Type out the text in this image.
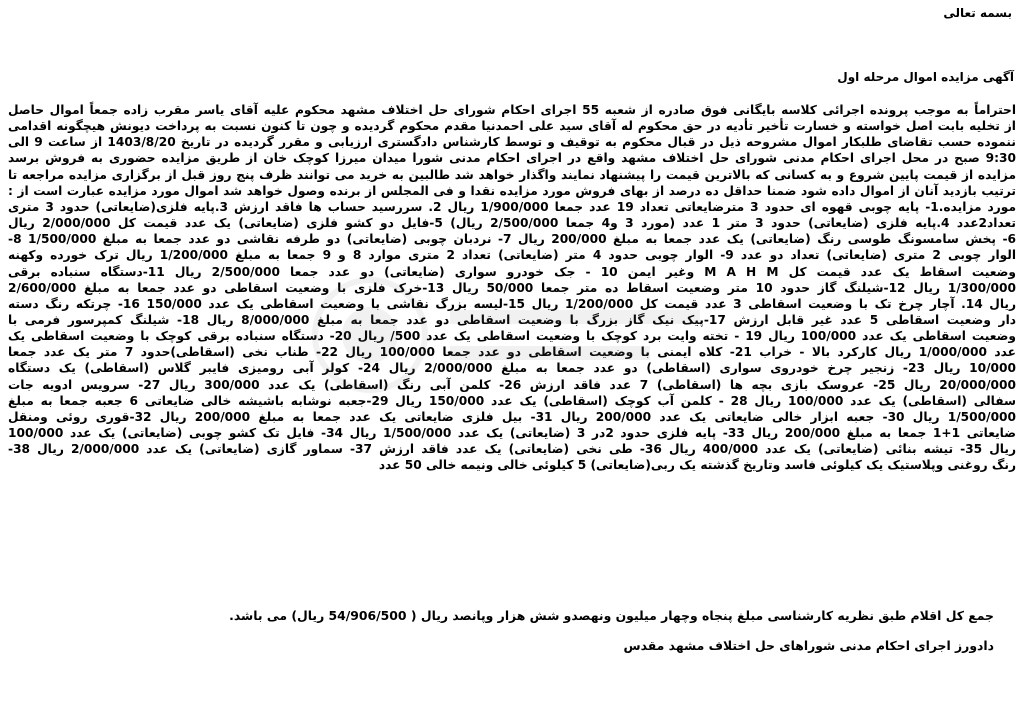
بسمه تعالی
آگهی مزایده اموال مرحله اول
احتراماً به موجب پرونده اجرائی کلاسه بایگانی فوق صادره از شعبه 55 اجرای احکام شورای حل اختلاف مشهد محکوم علیه آقای یاسر مقرب زاده جمعاً اموال حاصل
از تخلیه بابت اصل خواسته و خسارت تأخیر تأدیه در حق محکوم له آقای سید علی احمدنیا مقدم محکوم گردیده و چون تا کنون نسبت به پرداخت دیونش هیچگونه اقدامی
ننموده حسب تقاضای طلبکار اموال مشروحه ذیل در قبال محکوم به توقیف و توسط کارشناس دادگستری ارزیابی و مقرر گردیده در تاریخ 1403/8/20 از ساعت 9 الی
9:30 صبح در محل اجرای احکام مدنی شورای حل اختلاف مشهد واقع در اجرای احکام مدنی شورا میدان میرزا کوچک خان از طریق مزایده حضوری به فروش برسد
مزایده از قیمت پایین شروع و به کسانی که بالاترین قیمت را پیشنهاد نمایند واگذار خواهد شد طالبین به خرید می توانند ظرف پنج روز قبل از برگزاری مزایده مراجعه تا
ترتیب بازدید آنان از اموال داده شود ضمنا حداقل ده درصد از بهای فروش مورد مزایده نقدا و فی المجلس از برنده وصول خواهد شد اموال مورد مزایده عبارت است از :
مورد مزایده.1- پایه چوبی قهوه ای حدود 3 مترضایعاتی تعداد 19 عدد جمعا 1/900/000 ریال 2. سررسید حساب ها فاقد ارزش 3.پایه فلزی(ضایعاتی) حدود 3 متری
تعداد2عدد 4.پایه فلزی (ضایعاتی) حدود 3 متر 1 عدد (مورد 3 و4 جمعا 2/500/000 ریال) 5-فایل دو کشو فلزی (ضایعاتی) یک عدد قیمت کل 2/000/000 ریال
6- پخش سامسونگ طوسی رنگ (ضایعاتی) یک عدد جمعا به مبلغ 200/000 ریال 7- نردبان چوبی (ضایعاتی) دو طرفه نقاشی دو عدد جمعا به مبلغ 1/500/000 8-
الوار چوبی 2 متری (ضایعاتی) تعداد دو عدد 9- الوار چوبی حدود 4 متر (ضایعاتی) تعداد 2 متری موارد 8 و 9 جمعا به مبلغ 1/200/000 ریال ترک خورده وکهنه
وضعیت اسقاط یک عدد قیمت کل M A H M وغیر ایمن 10 - جک خودرو سواری (ضایعاتی) دو عدد جمعا 2/500/000 ریال 11-دستگاه سنباده برقی
1/300/000 ریال 12-شیلنگ گاز حدود 10 متر وضعیت اسقاط ده متر جمعا 50/000 ریال 13-خرک فلزی با وضعیت اسقاطی دو عدد جمعا به مبلغ 2/600/000
ریال 14. آچار چرخ تک با وضعیت اسقاطی 3 عدد قیمت کل 1/200/000 ریال 15-لیسه بزرگ نقاشی با وضعیت اسقاطی یک عدد 150/000 16- چرتکه رنگ دسته
دار وضعیت اسقاطی 5 عدد غیر قابل ارزش 17-پیک نیک گاز بزرگ با وضعیت اسقاطی دو عدد جمعا به مبلغ 8/000/000 ریال 18- شیلنگ کمپرسور فرمی با
وضعیت اسقاطی یک عدد 100/000 ریال 19 - تخته وایت برد کوچک با وضعیت اسقاطی یک عدد 500/ ریال 20- دستگاه سنباده برقی کوچک با وضعیت اسقاطی یک
عدد 1/000/000 ریال کارکرد بالا - خراب 21- کلاه ایمنی با وضعیت اسقاطی دو عدد جمعا 100/000 ریال 22- طناب نخی (اسقاطی)حدود 7 متر یک عدد جمعا
10/000 ریال 23- زنجیر چرخ خودروی سواری (اسقاطی) دو عدد جمعا به مبلغ 2/000/000 ریال 24- کولر آبی رومیزی فایبر گلاس (اسقاطی) یک دستگاه
20/000/000 ریال 25- عروسک بازی بچه ها (اسقاطی) 7 عدد فاقد ارزش 26- کلمن آبی رنگ (اسقاطی) یک عدد 300/000 ریال 27- سرویس ادویه جات
سفالی (اسقاطی) یک عدد 100/000 ریال 28 - کلمن آب کوچک (اسقاطی) یک عدد 150/000 ریال 29-جعبه نوشابه باشیشه خالی ضایعاتی 6 جعبه جمعا به مبلغ
1/500/000 ریال 30- جعبه ابزار خالی ضایعاتی یک عدد 200/000 ریال 31- بیل فلزی ضایعاتی یک عدد جمعا به مبلغ 200/000 ریال 32-قوری روئی ومنقل
ضایعاتی 1+1 جمعا به مبلغ 200/000 ریال 33- پایه فلزی حدود 2در 3 (ضایعاتی) یک عدد 1/500/000 ریال 34- فایل تک کشو چوبی (ضایعاتی) یک عدد 100/000
ریال 35- تیشه بنائی (ضایعاتی) یک عدد 400/000 ریال 36- طی نخی (ضایعاتی) یک عدد فاقد ارزش 37- سماور گازی (ضایعاتی) یک عدد 2/000/000 ریال 38-
رنگ روغنی وپلاستیک یک کیلوئی فاسد وتاریخ گذشته یک ربی(ضایعاتی) 5 کیلوئی خالی ونیمه خالی 50 عدد
جمع کل اقلام طبق نظریه کارشناسی مبلغ پنجاه وچهار میلیون ونهصدو شش هزار وپانصد ریال ( 54/906/500 ریال) می باشد.
دادورز اجرای احکام مدنی شوراهای حل اختلاف مشهد مقدس
